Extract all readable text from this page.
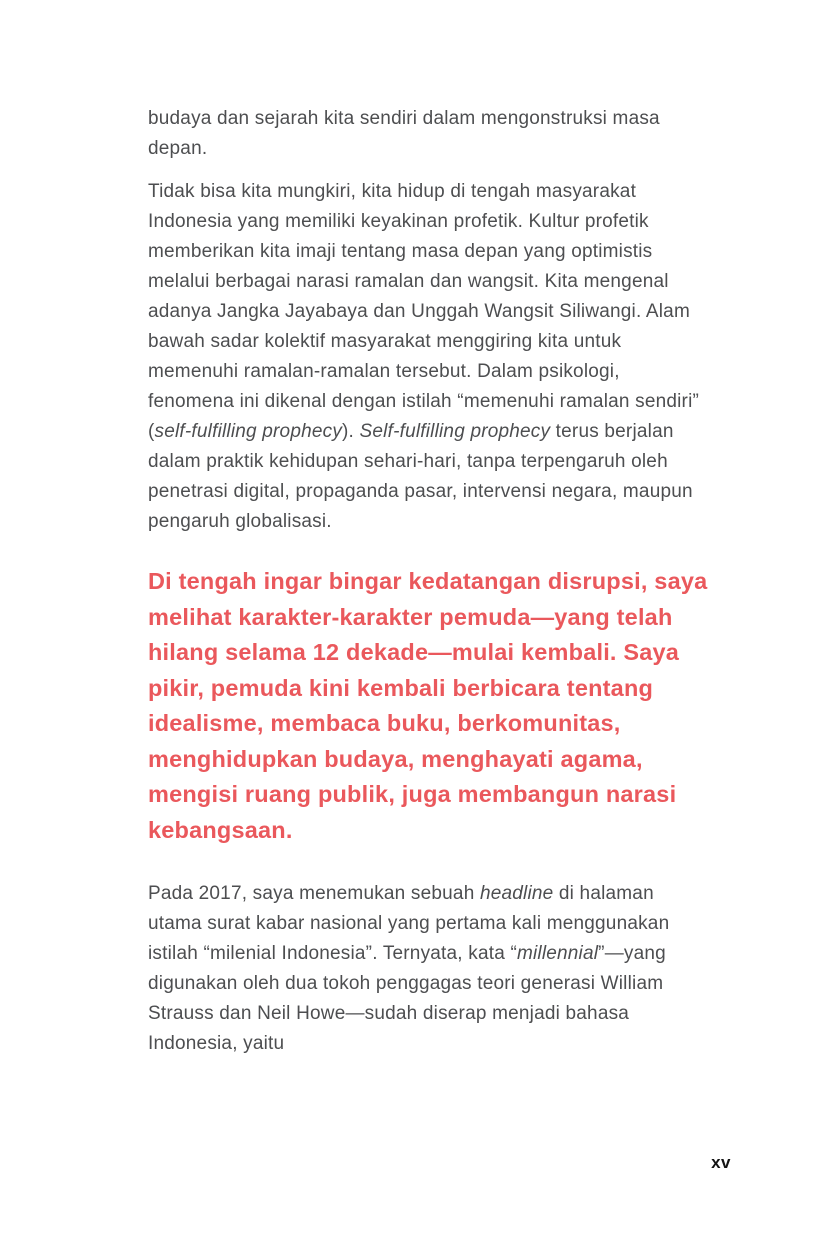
budaya dan sejarah kita sendiri dalam mengonstruksi masa depan.

Tidak bisa kita mungkiri, kita hidup di tengah masyarakat Indonesia yang memiliki keyakinan profetik. Kultur profetik memberikan kita imaji tentang masa depan yang optimistis melalui berbagai narasi ramalan dan wangsit. Kita mengenal adanya Jangka Jayabaya dan Unggah Wangsit Siliwangi. Alam bawah sadar kolektif masyarakat menggiring kita untuk memenuhi ramalan-ramalan tersebut. Dalam psikologi, fenomena ini dikenal dengan istilah “memenuhi ramalan sendiri” (self-fulfilling prophecy). Self-fulfilling prophecy terus berjalan dalam praktik kehidupan sehari-hari, tanpa terpengaruh oleh penetrasi digital, propaganda pasar, intervensi negara, maupun pengaruh globalisasi.

Di tengah ingar bingar kedatangan disrupsi, saya melihat karakter-karakter pemuda—yang telah hilang selama 12 dekade—mulai kembali. Saya pikir, pemuda kini kembali berbicara tentang idealisme, membaca buku, berkomunitas, menghidupkan budaya, menghayati agama, mengisi ruang publik, juga membangun narasi kebangsaan.

Pada 2017, saya menemukan sebuah headline di halaman utama surat kabar nasional yang pertama kali menggunakan istilah “milenial Indonesia”. Ternyata, kata “millennial”—yang digunakan oleh dua tokoh penggagas teori generasi William Strauss dan Neil Howe—sudah diserap menjadi bahasa Indonesia, yaitu

xv
